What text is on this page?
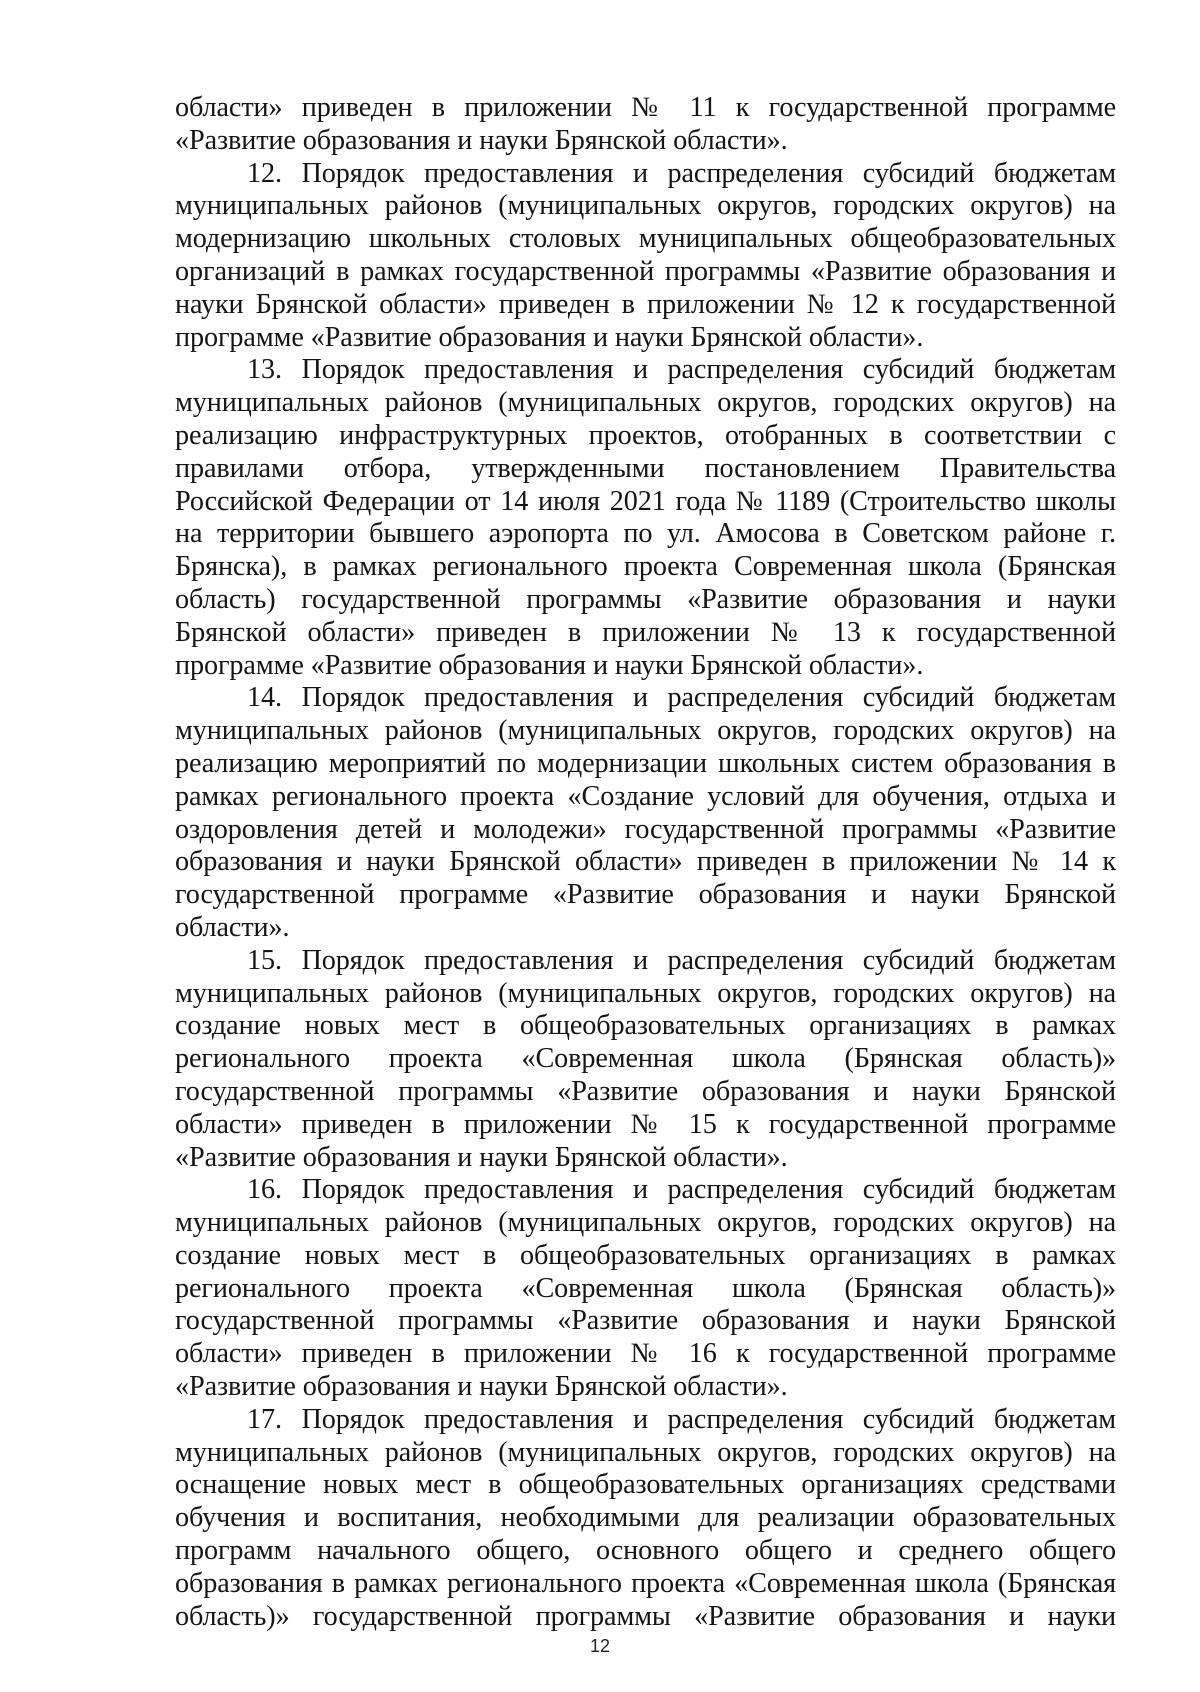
области» приведен в приложении № 11 к государственной программе
«Развитие образования и науки Брянской области».

12. Порядок предоставления и распределения субсидий бюджетам
муниципальных районов (муниципальных округов, городских округов) на
модернизацию школьных столовых муниципальных общеобразовательных
организаций в рамках государственной программы «Развитие образования и
науки Брянской области» приведен в приложении № 12 к государственной
программе «Развитие образования и науки Брянской области».

13. Порядок предоставления и распределения субсидий бюджетам
муниципальных районов (муниципальных округов, городских округов) на
реализацию инфраструктурных проектов, отобранных в соответствии с
правилами отбора, утвержденными постановлением Правительства
Российской Федерации от 14 июля 2021 года № 1189 (Строительство школы
на территории бывшего аэропорта по ул. Амосова в Советском районе г.
Брянска), в рамках регионального проекта Современная школа (Брянская
область) государственной программы «Развитие образования и науки
Брянской области» приведен в приложении № 13 к государственной
программе «Развитие образования и науки Брянской области».

14. Порядок предоставления и распределения субсидий бюджетам
муниципальных районов (муниципальных округов, городских округов) на
реализацию мероприятий по модернизации школьных систем образования в
рамках регионального проекта «Создание условий для обучения, отдыха и
оздоровления детей и молодежи» государственной программы «Развитие
образования и науки Брянской области» приведен в приложении № 14 к
государственной программе «Развитие образования и науки Брянской
области».

15. Порядок предоставления и распределения субсидий бюджетам
муниципальных районов (муниципальных округов, городских округов) на
создание новых мест в общеобразовательных организациях в рамках
регионального проекта «Современная школа (Брянская область)»
государственной программы «Развитие образования и науки Брянской
области» приведен в приложении № 15 к государственной программе
«Развитие образования и науки Брянской области».

16. Порядок предоставления и распределения субсидий бюджетам
муниципальных районов (муниципальных округов, городских округов) на
создание новых мест в общеобразовательных организациях в рамках
регионального проекта «Современная школа (Брянская область)»
государственной программы «Развитие образования и науки Брянской
области» приведен в приложении № 16 к государственной программе
«Развитие образования и науки Брянской области».

17. Порядок предоставления и распределения субсидий бюджетам
муниципальных районов (муниципальных округов, городских округов) на
оснащение новых мест в общеобразовательных организациях средствами
обучения и воспитания, необходимыми для реализации образовательных
программ начального общего, основного общего и среднего общего
образования в рамках регионального проекта «Современная школа (Брянская
область)» государственной программы «Развитие образования и науки

12
